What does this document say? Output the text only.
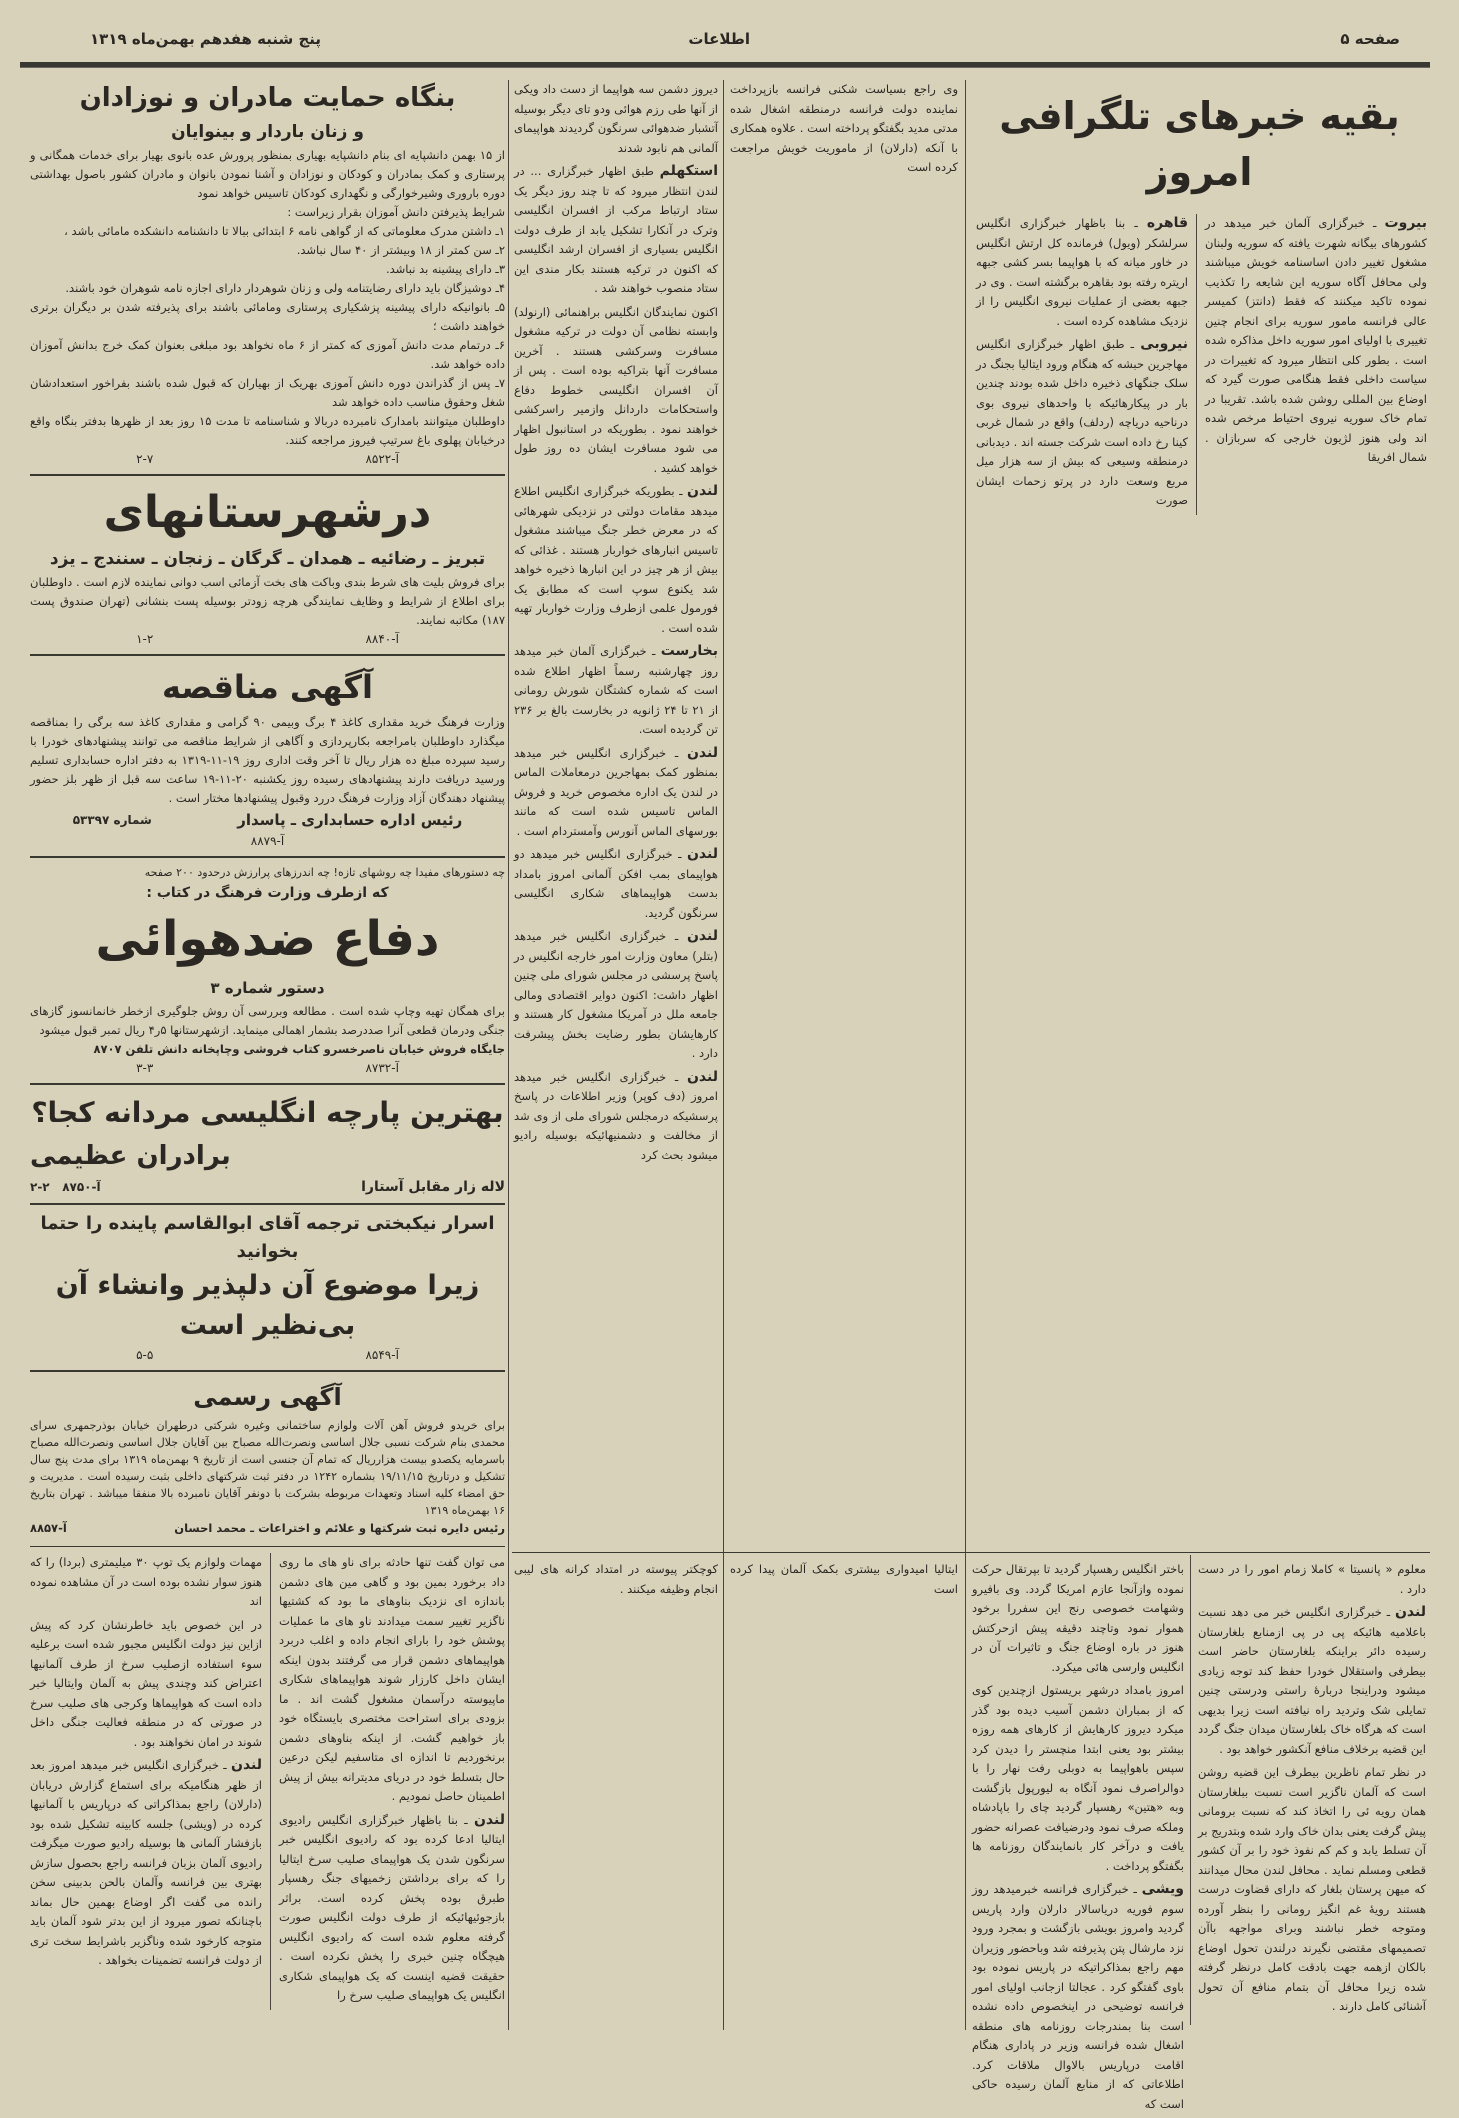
صفحه ۵
اطلاعات
پنج شنبه هفدهم بهمن‌ماه ۱۳۱۹
بقیه خبرهای تلگرافی امروز

بیروت ـ خبرگزاری آلمان خبر میدهد در کشورهای بیگانه شهرت یافته که سوریه ولبنان مشغول تغییر دادن اساسنامه خویش میباشند ولی محافل آگاه سوریه این شایعه را تکذیب نموده تاکید میکنند که فقط (دانتز) کمیسر عالی فرانسه مامور سوریه برای انجام چنین تغییری با اولیای امور سوریه داخل مذاکره شده است . بطور کلی انتظار میرود که تغییرات در سیاست داخلی فقط هنگامی صورت گیرد که اوضاع بین المللی روشن شده باشد. تقریبا در تمام خاک سوریه نیروی احتیاط مرخص شده اند ولی هنوز لژیون خارجی که سربازان . شمال افریقا

قاهره ـ بنا باظهار خبرگزاری انگلیس سرلشکر (ویول) فرمانده کل ارتش انگلیس در خاور میانه که با هواپیما بسر کشی جبهه اریتره رفته بود بقاهره برگشته است . وی در جبهه بعضی از عملیات نیروی انگلیس را از نزدیک مشاهده کرده است .

نیروبی ـ طبق اظهار خبرگزاری انگلیس مهاجرین حبشه که هنگام ورود ایتالیا بجنگ در سلک جنگهای ذخیره داخل شده بودند چندین بار در پیکارهائیکه با واحدهای نیروی بوی درناحیه دریاچه (ردلف) واقع در شمال غربی کینا رخ داده است شرکت جسته اند . دیدبانی درمنطقه وسیعی که بیش از سه هزار میل مربع وسعت دارد در پرتو زحمات ایشان صورت

وی راجع بسیاست شکنی فرانسه بازپرداخت نماینده دولت فرانسه درمنطقه اشغال شده مدتی مدید بگفتگو پرداخته است . علاوه همکاری با آنکه (دارلان) از ماموریت خویش مراجعت کرده است

دیروز دشمن سه هواپیما از دست داد ویکی از آنها طی رزم هوائی ودو تای دیگر بوسیله آتشبار ضدهوائی سرنگون گردیدند هواپیمای آلمانی هم نابود شدند

استکهلم طبق اظهار خبرگزاری ... در لندن انتظار میرود که تا چند روز دیگر یک ستاد ارتباط مرکب از افسران انگلیسی وترک در آنکارا تشکیل یابد از طرف دولت انگلیس بسیاری از افسران ارشد انگلیسی که اکنون در ترکیه هستند بکار مندی این ستاد منصوب خواهند شد .

اکنون نمایندگان انگلیس براهنمائی (ارنولد) وابسته نظامی آن دولت در ترکیه مشغول مسافرت وسرکشی هستند . آخرین مسافرت آنها بتراکیه بوده است . پس از آن افسران انگلیسی خطوط دفاع واستحکامات داردانل وازمیر راسرکشی خواهند نمود . بطوریکه در استانبول اظهار می شود مسافرت ایشان ده روز طول خواهد کشید .

لندن ـ بطوریکه خبرگزاری انگلیس اطلاع میدهد مقامات دولتی در نزدیکی شهرهائی که در معرض خطر جنگ میباشند مشغول تاسیس انبارهای خواربار هستند . غذائی که بیش از هر چیز در این انبارها ذخیره خواهد شد یکنوع سوپ است که مطابق یک فورمول علمی ازطرف وزارت خواربار تهیه شده است .

بخارست ـ خبرگزاری آلمان خبر میدهد روز چهارشنبه رسماً اظهار اطلاع شده است که شماره کشتگان شورش رومانی از ۲۱ تا ۲۴ ژانویه در بخارست بالغ بر ۲۳۶ تن گردیده است.

لندن ـ خبرگزاری انگلیس خبر میدهد بمنظور کمک بمهاجرین درمعاملات الماس در لندن یک اداره مخصوص خرید و فروش الماس تاسیس شده است که مانند بورسهای الماس آنورس وآمستردام است .

لندن ـ خبرگزاری انگلیس خبر میدهد دو هواپیمای بمب افکن آلمانی امروز بامداد بدست هواپیماهای شکاری انگلیسی سرنگون گردید.

لندن ـ خبرگزاری انگلیس خبر میدهد (بتلر) معاون وزارت امور خارجه انگلیس در پاسخ پرسشی در مجلس شورای ملی چنین اظهار داشت: اکنون دوایر اقتصادی ومالی جامعه ملل در آمریکا مشغول کار هستند و کارهایشان بطور رضایت بخش پیشرفت دارد .

لندن ـ خبرگزاری انگلیس خبر میدهد امروز (دف کوپر) وزیر اطلاعات در پاسخ پرسشیکه درمجلس شورای ملی از وی شد از مخالفت و دشمنیهائیکه بوسیله رادیو میشود بحث کرد

معلوم « پانسیتا » کاملا زمام امور را در دست دارد .

لندن ـ خبرگزاری انگلیس خبر می دهد نسبت باعلامیه هائیکه پی در پی ازمنابع بلغارستان رسیده دائر براینکه بلغارستان حاضر است بیطرفی واستقلال خودرا حفظ کند توجه زیادی میشود ودراینجا دربارهٔ راستی ودرستی چنین تمایلی شک وتردید راه نیافته است زیرا بدیهی است که هرگاه خاک بلغارستان میدان جنگ گردد این قضیه برخلاف منافع آنکشور خواهد بود .

در نظر تمام ناظرین بیطرف این قضیه روشن است که آلمان ناگزیر است نسبت ببلغارستان همان رویه ئی را اتخاذ کند که نسبت برومانی پیش گرفت یعنی بدان خاک وارد شده وبتدریج بر آن تسلط یابد و کم کم نفوذ خود را بر آن کشور قطعی ومسلم نماید . محافل لندن محال میدانند که میهن پرستان بلغار که دارای قضاوت درست هستند رویهٔ غم انگیز رومانی را بنظر آورده ومتوجه خطر نباشند وبرای مواجهه باآن تصمیمهای مقتضی نگیرند درلندن تحول اوضاع بالکان ازهمه جهت بادقت کامل درنظر گرفته شده زیرا محافل آن بتمام منافع آن تحول آشنائی کامل دارند .

باختر انگلیس رهسپار گردید تا بپرتقال حرکت نموده وازآنجا عازم امریکا گردد. وی بافیرو وشهامت خصوصی رنج این سفررا برخود هموار نمود وتاچند دقیقه پیش ازحرکتش هنوز در باره اوضاع جنگ و تاثیرات آن در انگلیس وارسی هائی میکرد.

امروز بامداد درشهر بریستول ازچندین کوی که از بمباران دشمن آسیب دیده بود گذر میکرد دیروز کارهایش از کارهای همه روزه بیشتر بود یعنی ابتدا منچستر را دیدن کرد سپس باهواپیما به دوبلی رفت نهار را با دوالراصرف نمود آنگاه به لیورپول بازگشت وبه «هتین» رهسپار گردید چای را باپادشاه وملکه صرف نمود ودرضیافت عصرانه حضور یافت و درآخر کار بانمایندگان روزنامه ها بگفتگو پرداخت .

ویشی ـ خبرگزاری فرانسه خبرمیدهد روز سوم فوریه دریاسالار دارلان وارد پاریس گردید وامروز بویشی بازگشت و بمجرد ورود نزد مارشال پتن پذیرفته شد وباحضور وزیران مهم راجع بمذاکراتیکه در پاریس نموده بود باوی گفتگو کرد . عجالتا ازجانب اولیای امور فرانسه توضیحی در اینخصوص داده نشده است بنا بمندرجات روزنامه های منطقه اشغال شده فرانسه وزیر در پاداری هنگام اقامت درپاریس بالاوال ملاقات کرد. اطلاعاتی که از منابع آلمان رسیده حاکی است که

ایتالیا امیدواری بیشتری بکمک آلمان پیدا کرده است

کوچکتر پیوسته در امتداد کرانه های لیبی انجام وظیفه میکنند .

بنگاه حمایت مادران و نوزادان
و زنان باردار و بینوایان

از ۱۵ بهمن دانشپایه ای بنام دانشپایه بهیاری بمنظور پرورش عده بانوی بهیار برای خدمات همگانی و پرستاری و کمک بمادران و کودکان و نوزادان و آشنا نمودن بانوان و مادران کشور باصول بهداشتی دوره باروری وشیرخوارگی و نگهداری کودکان تاسیس خواهد نمود

شرایط پذیرفتن دانش آموزان بقرار زیراست :

۱ـ داشتن مدرک معلوماتی که از گواهی نامه ۶ ابتدائی ببالا تا دانشنامه دانشکده مامائی باشد ،

۲ـ سن کمتر از ۱۸ وبیشتر از ۴۰ سال نباشد.

۳ـ دارای پیشینه بد نباشد.

۴ـ دوشیزگان باید دارای رضایتنامه ولی و زنان شوهردار دارای اجازه نامه شوهران خود باشند.

۵ـ بانوانیکه دارای پیشینه پزشکیاری پرستاری ومامائی باشند برای پذیرفته شدن بر دیگران برتری خواهند داشت ؛

۶ـ درتمام مدت دانش آموزی که کمتر از ۶ ماه نخواهد بود مبلغی بعنوان کمک خرج بدانش آموزان داده خواهد شد.

۷ـ پس از گذراندن دوره دانش آموزی بهریک از بهیاران که قبول شده باشند بفراخور استعدادشان شغل وحقوق مناسب داده خواهد شد

داوطلبان میتوانند بامدارک نامبرده دربالا و شناسنامه تا مدت ۱۵ روز بعد از ظهرها بدفتر بنگاه واقع درخیابان پهلوی باغ سرتیپ فیروز مراجعه کنند.

۲-۷	آ-۸۵۲۲
درشهرستانهای
تبریز ـ رضائیه ـ همدان ـ گرگان ـ زنجان ـ سنندج ـ یزد

برای فروش بلیت های شرط بندی وباکت های بخت آزمائی اسب دوانی نماینده لازم است . داوطلبان برای اطلاع از شرایط و وظایف نمایندگی هرچه زودتر بوسیله پست بنشانی (تهران صندوق پست ۱۸۷) مکاتبه نمایند.

۱-۲	آ-۸۸۴۰
آگهی مناقصه

وزارت فرهنگ خرید مقداری کاغذ ۴ برگ وبیمی ۹۰ گرامی و مقداری کاغذ سه برگی را بمناقصه میگذارد داوطلبان بامراجعه بکارپردازی و آگاهی از شرایط مناقصه می توانند پیشنهادهای خودرا با رسید سپرده مبلغ ده هزار ریال تا آخر وقت اداری روز ۱۹-۱۱-۱۳۱۹ به دفتر اداره حسابداری تسلیم ورسید دریافت دارند پیشنهادهای رسیده روز یکشنبه ۲۰-۱۱-۱۹ ساعت سه قبل از ظهر بلز حضور پیشنهاد دهندگان آزاد وزارت فرهنگ دررد وقبول پیشنهادها مختار است .

رئیس اداره حسابداری ـ پاسدار
شماره ۵۳۳۹۷
آ-۸۸۷۹

چه دستورهای مفیدا چه روشهای تازه! چه اندرزهای پرارزش درحدود ۲۰۰ صفحه

که ازطرف وزارت فرهنگ در کتاب :

دفاع ضدهوائی
دستور شماره ۳

برای همگان تهیه وچاپ شده است . مطالعه وبررسی آن روش جلوگیری ازخطر خانمانسوز گازهای جنگی ودرمان قطعی آنرا صددرصد بشمار اهمالی مینماید. ازشهرستانها ۵ر۴ ریال تمبر قبول میشود

جایگاه فروش خیابان ناصرخسرو کتاب فروشی وچاپخانه دانش تلفن ۸۷۰۷

۳-۳	آ-۸۷۳۲
بهترین پارچه انگلیسی مردانه کجا؟
برادران عظیمی
لاله زار مقابل آستارا
۲-۲ آ-۸۷۵۰
اسرار نیکبختی ترجمه آقای ابوالقاسم پاینده را حتما بخوانید
زیرا موضوع آن دلپذیر وانشاء آن بی‌نظیر است
۵-۵	آ-۸۵۴۹
آگهی رسمی

برای خریدو فروش آهن آلات ولوازم ساختمانی وغیره شرکتی درطهران خیابان بوذرجمهری سرای محمدی بنام شرکت نسبی جلال اساسی ونصرت‌الله مصباح بین آقایان جلال اساسی ونصرت‌الله مصباح باسرمایه یکصدو بیست هزارریال که تمام آن جنسی است از تاریخ ۹ بهمن‌ماه ۱۳۱۹ برای مدت پنج سال تشکیل و درتاریخ ۱۹/۱۱/۱۵ بشماره ۱۲۴۲ در دفتر ثبت شرکتهای داخلی بثبت رسیده است . مدیریت و حق امضاء کلیه اسناد وتعهدات مربوطه بشرکت با دونفر آقایان نامبرده بالا منفقا میباشد . تهران بتاریخ ۱۶ بهمن‌ماه ۱۳۱۹

رئیس دایره ثبت شرکتها و علائم و اختراعات ـ محمد احسان
آ-۸۸۵۷

می توان گفت تنها حادثه برای ناو های ما روی داد برخورد بمین بود و گاهی مین های دشمن باندازه ای نزدیک بناوهای ما بود که کشتیها ناگزیر تغییر سمت میدادند ناو های ما عملیات پوشش خود را بارای انجام داده و اغلب دربرد هواپیماهای دشمن قرار می گرفتند بدون اینکه ایشان داخل کارزار شوند هواپیماهای شکاری ماپیوسته درآسمان مشغول گشت اند . ما بزودی برای استراحت مختصری بایستگاه خود باز خواهیم گشت. از اینکه بناوهای دشمن برنخوردیم تا اندازه ای متاسفیم لیکن درعین حال بتسلط خود در دریای مدیترانه بیش از پیش اطمینان حاصل نمودیم .

لندن ـ بنا باظهار خبرگزاری انگلیس رادیوی ایتالیا ادعا کرده بود که رادیوی انگلیس خبر سرنگون شدن یک هواپیمای صلیب سرخ ایتالیا را که برای برداشتن زخمیهای جنگ رهسپار طبرق بوده پخش کرده است. براثر بازجوئیهائیکه از طرف دولت انگلیس صورت گرفته معلوم شده است که رادیوی انگلیس هیچگاه چنین خبری را پخش نکرده است . حقیقت قضیه اینست که یک هواپیمای شکاری انگلیس یک هواپیمای صلیب سرخ را

مهمات ولوازم یک توپ ۳۰ میلیمتری (بردا) را که هنوز سوار نشده بوده است در آن مشاهده نموده اند

در این خصوص باید خاطرنشان کرد که پیش ازاین نیز دولت انگلیس مجبور شده است برعلیه سوء استفاده ازصلیب سرخ از طرف آلمانیها اعتراض کند وچندی پیش به آلمان وایتالیا خبر داده است که هواپیماها وکرجی های صلیب سرخ در صورتی که در منطقه فعالیت جنگی داخل شوند در امان نخواهند بود .

لندن ـ خبرگزاری انگلیس خبر میدهد امروز بعد از ظهر هنگامیکه برای استماع گزارش دریابان (دارلان) راجع بمذاکراتی که درپاریس با آلمانیها کرده در (ویشی) جلسه کابینه تشکیل شده بود بازفشار آلمانی ها بوسیله رادیو صورت میگرفت رادیوی آلمان بزبان فرانسه راجع بحصول سازش بهتری بین فرانسه وآلمان بالحن بدبینی سخن رانده می گفت اگر اوضاع بهمین حال بماند باچنانکه تصور میرود از این بدتر شود آلمان باید متوجه کارخود شده وناگزیر باشرایط سخت تری از دولت فرانسه تضمینات بخواهد .
